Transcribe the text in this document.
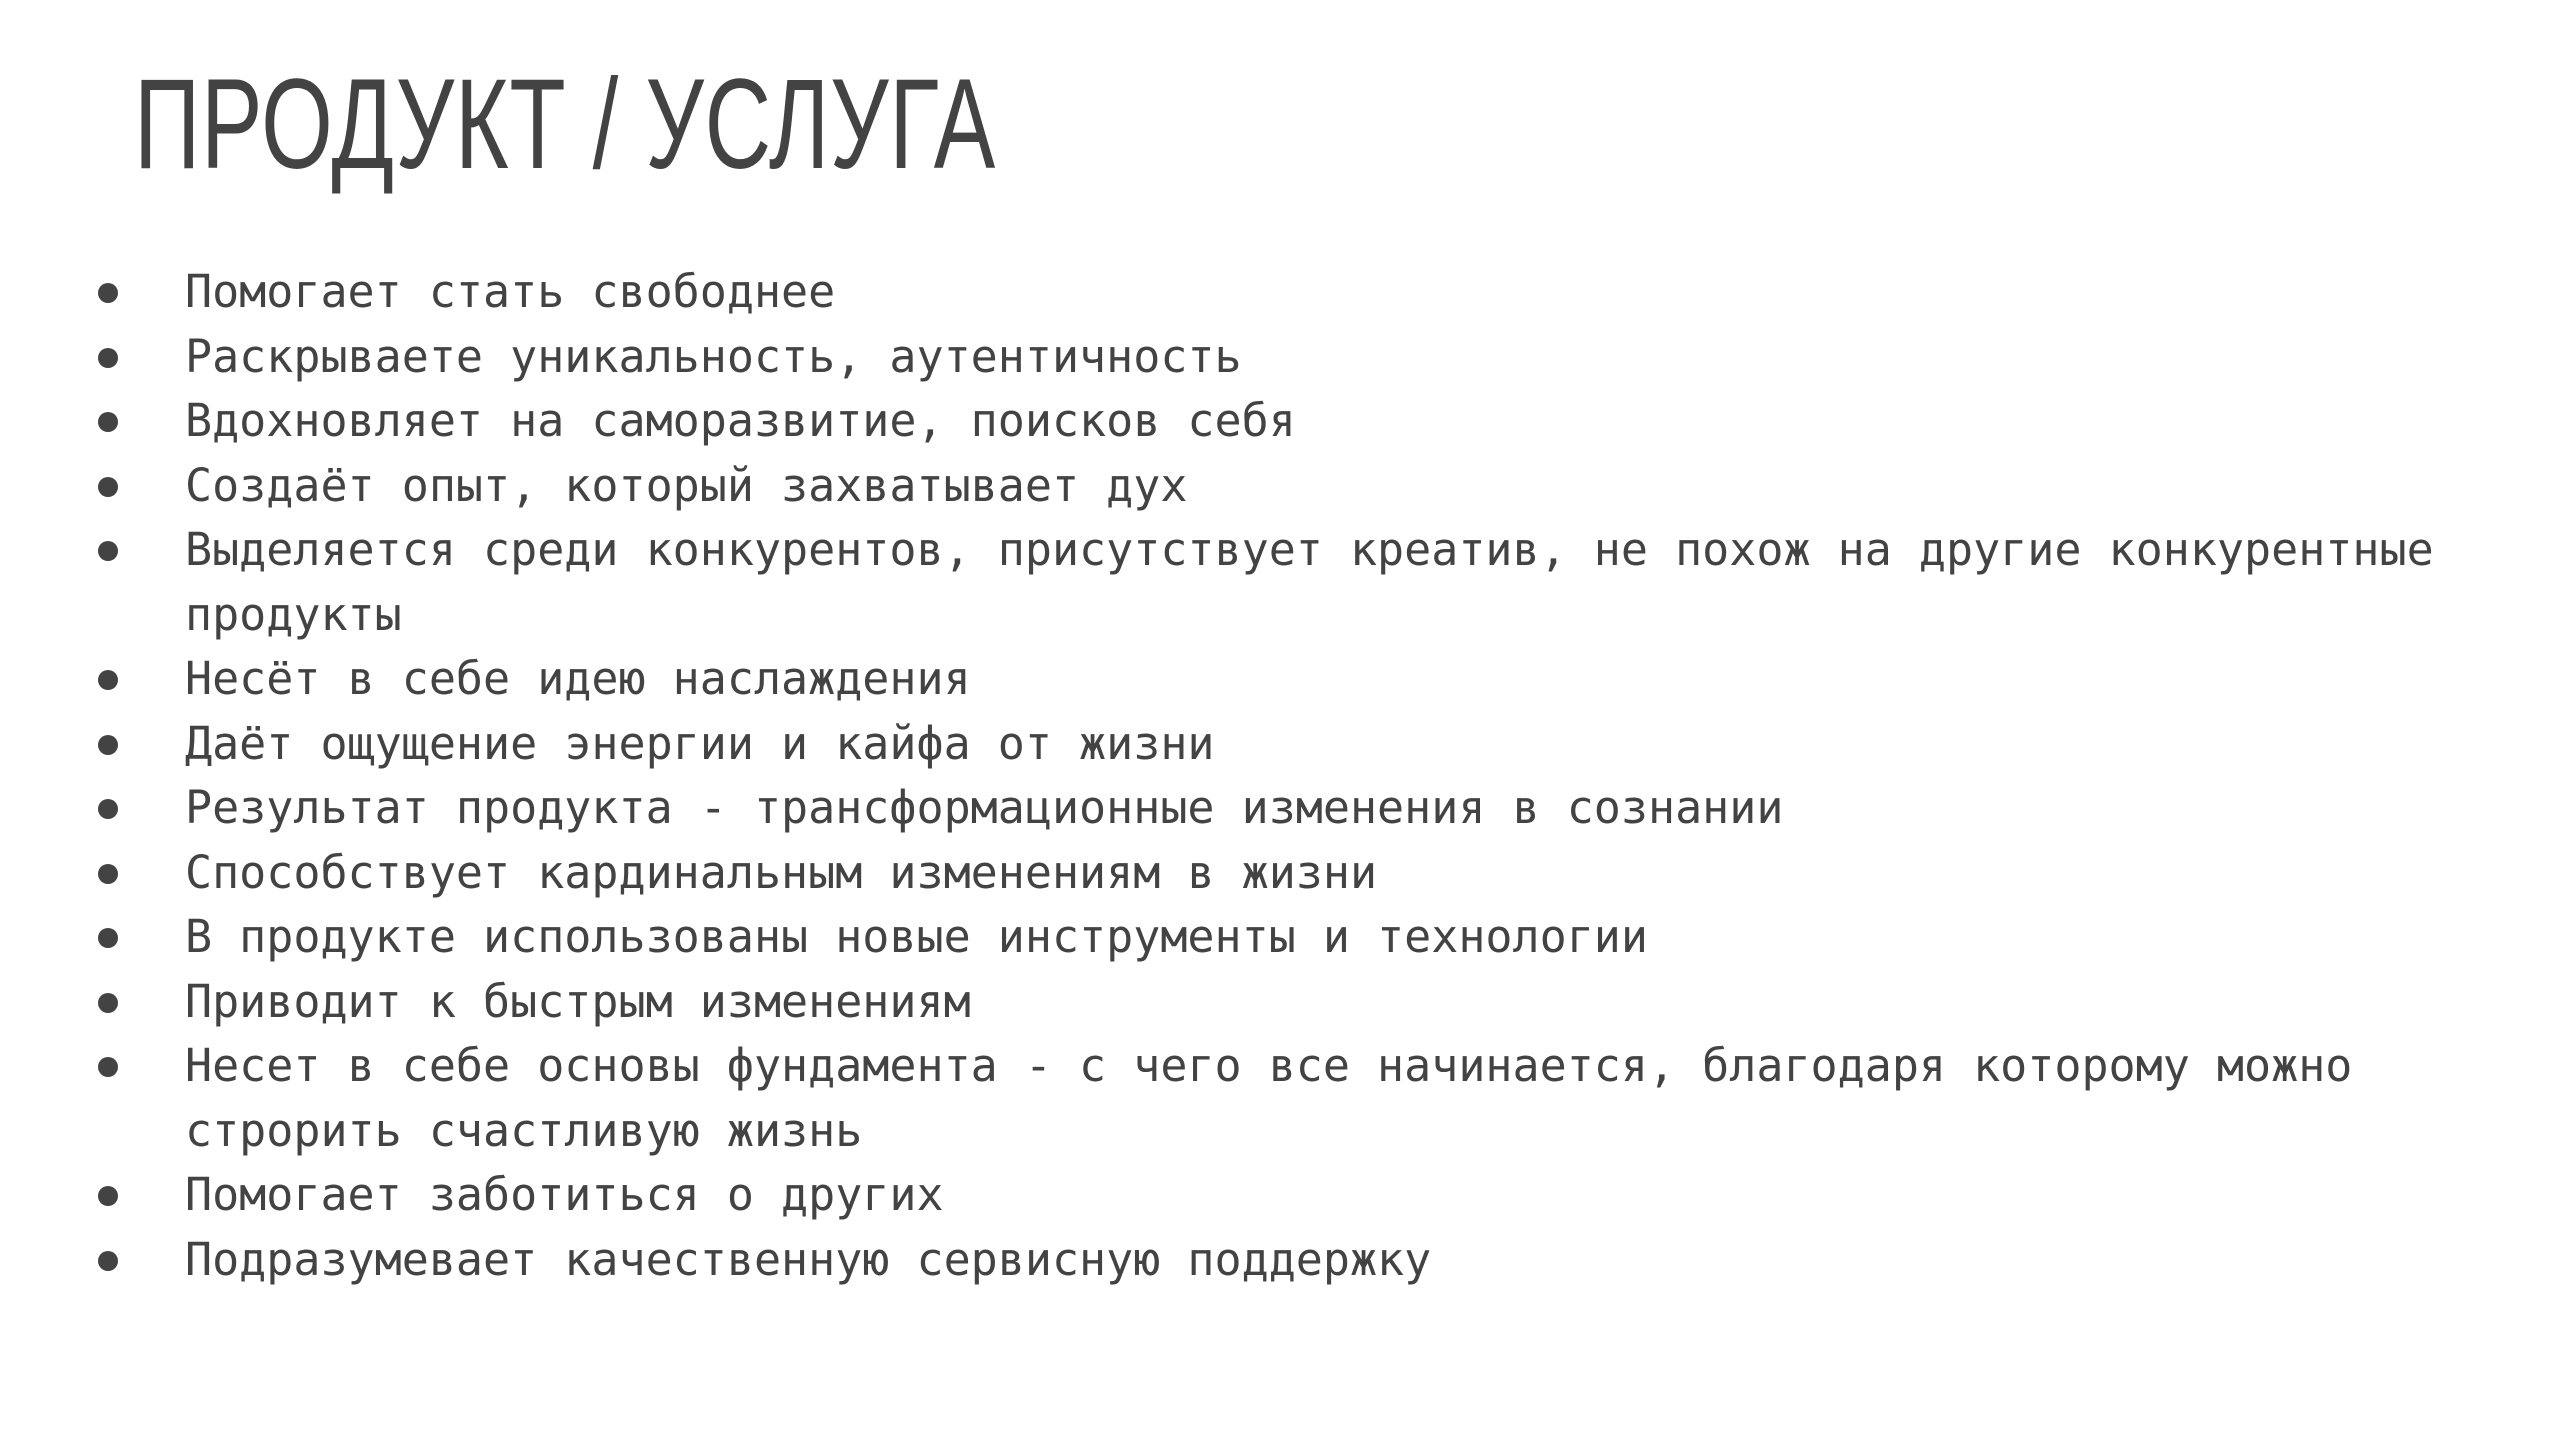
ПРОДУКТ / УСЛУГА
Помогает стать свободнее
Раскрываете уникальность, аутентичность
Вдохновляет на саморазвитие, поисков себя
Создаёт опыт, который захватывает дух
Выделяется среди конкурентов, присутствует креатив, не похож на другие конкурентные продукты
Несёт в себе идею наслаждения
Даёт ощущение энергии и кайфа от жизни
Результат продукта - трансформационные изменения в сознании
Способствует кардинальным изменениям в жизни
В продукте использованы новые инструменты и технологии
Приводит к быстрым изменениям
Несет в себе основы фундамента - с чего все начинается, благодаря которому можно строрить счастливую жизнь
Помогает заботиться о других
Подразумевает качественную сервисную поддержку
